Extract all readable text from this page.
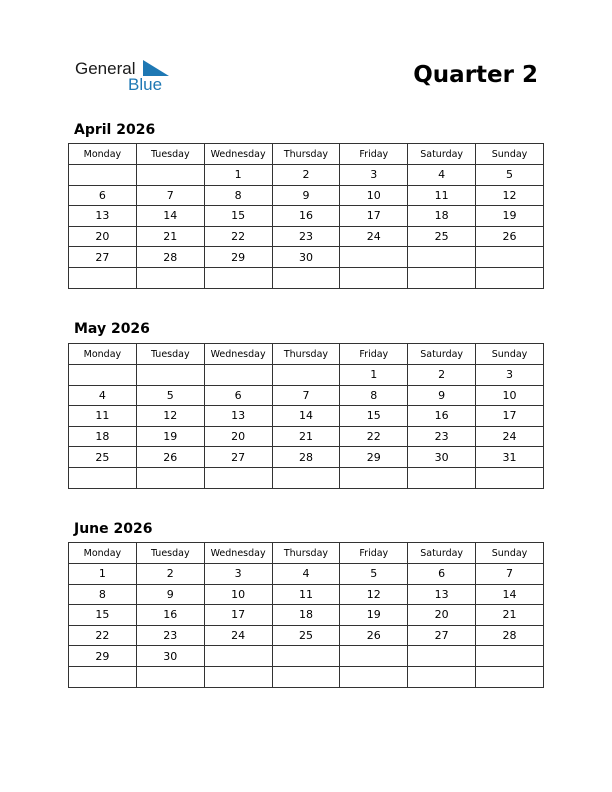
General
Blue	Quarter 2
April 2026
Monday	Tuesday	Wednesday	Thursday	Friday	Saturday	Sunday
		1	2	3	4	5
6	7	8	9	10	11	12
13	14	15	16	17	18	19
20	21	22	23	24	25	26
27	28	29	30			

May 2026
Monday	Tuesday	Wednesday	Thursday	Friday	Saturday	Sunday
				1	2	3
4	5	6	7	8	9	10
11	12	13	14	15	16	17
18	19	20	21	22	23	24
25	26	27	28	29	30	31

June 2026
Monday	Tuesday	Wednesday	Thursday	Friday	Saturday	Sunday
1	2	3	4	5	6	7
8	9	10	11	12	13	14
15	16	17	18	19	20	21
22	23	24	25	26	27	28
29	30					
